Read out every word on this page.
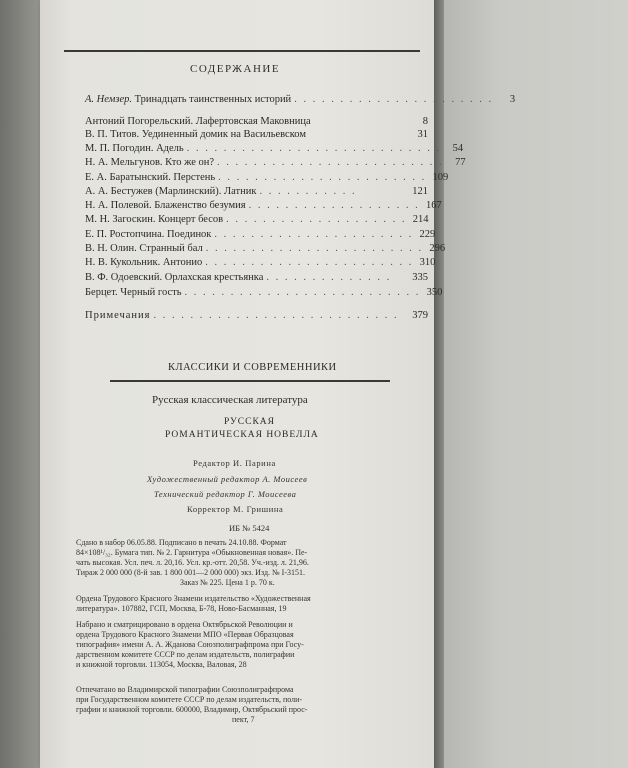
СОДЕРЖАНИЕ
А. Немзер. Тринадцать таинственных историй . . . . . . . . . . . . . . . . . . . . . .	3
Антоний Погорельский. Лафертовская Маковница	8
В. П. Титов. Уединенный домик на Васильевском	31
М. П. Погодин. Адель . . . . . . . . . . . . . . . . . . . . . . . . . . . .	54
Н. А. Мельгунов. Кто же он? . . . . . . . . . . . . . . . . . . . . . . . . .	77
Е. А. Баратынский. Перстень . . . . . . . . . . . . . . . . . . . . . . . 109
А. А. Бестужев (Марлинский). Латник . . . . . . . . . . .	121
Н. А. Полевой. Блаженство безумия . . . . . . . . . . . . . . . . . . . 167
М. Н. Загоскин. Концерт бесов . . . . . . . . . . . . . . . . . . . . 214
Е. П. Ростопчина. Поединок . . . . . . . . . . . . . . . . . . . . . . 229
В. Н. Олин. Странный бал . . . . . . . . . . . . . . . . . . . . . . . . 296
Н. В. Кукольник. Антонио . . . . . . . . . . . . . . . . . . . . . . . 310
В. Ф. Одоевский. Орлахская крестьянка . . . . . . . . . . . . . .	335
Берцет. Черный гость . . . . . . . . . . . . . . . . . . . . . . . . . . 350
Примечания . . . . . . . . . . . . . . . . . . . . . . . . . . .	379
КЛАССИКИ И СОВРЕМЕННИКИ
Русская классическая литература
РУССКАЯ
РОМАНТИЧЕСКАЯ НОВЕЛЛА
Редактор И. Парина
Художественный редактор А. Моисеев
Технический редактор Г. Моисеева
Корректор М. Гришина
ИБ № 5424
Сдано в набор 06.05.88. Подписано в печать 24.10.88. Формат
84×108¹/₃₂. Бумага тип. № 2. Гарнитура «Обыкновенная новая». Пе-
чать высокая. Усл. печ. л. 20,16. Усл. кр.-отт. 20,58. Уч.-изд. л. 21,96.
Тираж 2 000 000 (8-й зав. 1 800 001—2 000 000) экз. Изд. № I-3151.
Заказ № 225. Цена 1 р. 70 к.
Ордена Трудового Красного Знамени издательство «Художественная
литература». 107882, ГСП, Москва, Б-78, Ново-Басманная, 19
Набрано и сматрицировано в ордена Октябрьской Революции и
ордена Трудового Красного Знамени МПО «Первая Образцовая
типография» имени А. А. Жданова Союзполиграфпрома при Госу-
дарственном комитете СССР по делам издательств, полиграфии
и книжной торговли. 113054, Москва, Валовая, 28
Отпечатано во Владимирской типографии Союзполиграфпрома
при Государственном комитете СССР по делам издательств, поли-
графии и книжной торговли. 600000, Владимир, Октябрьский прос-
пект, 7
